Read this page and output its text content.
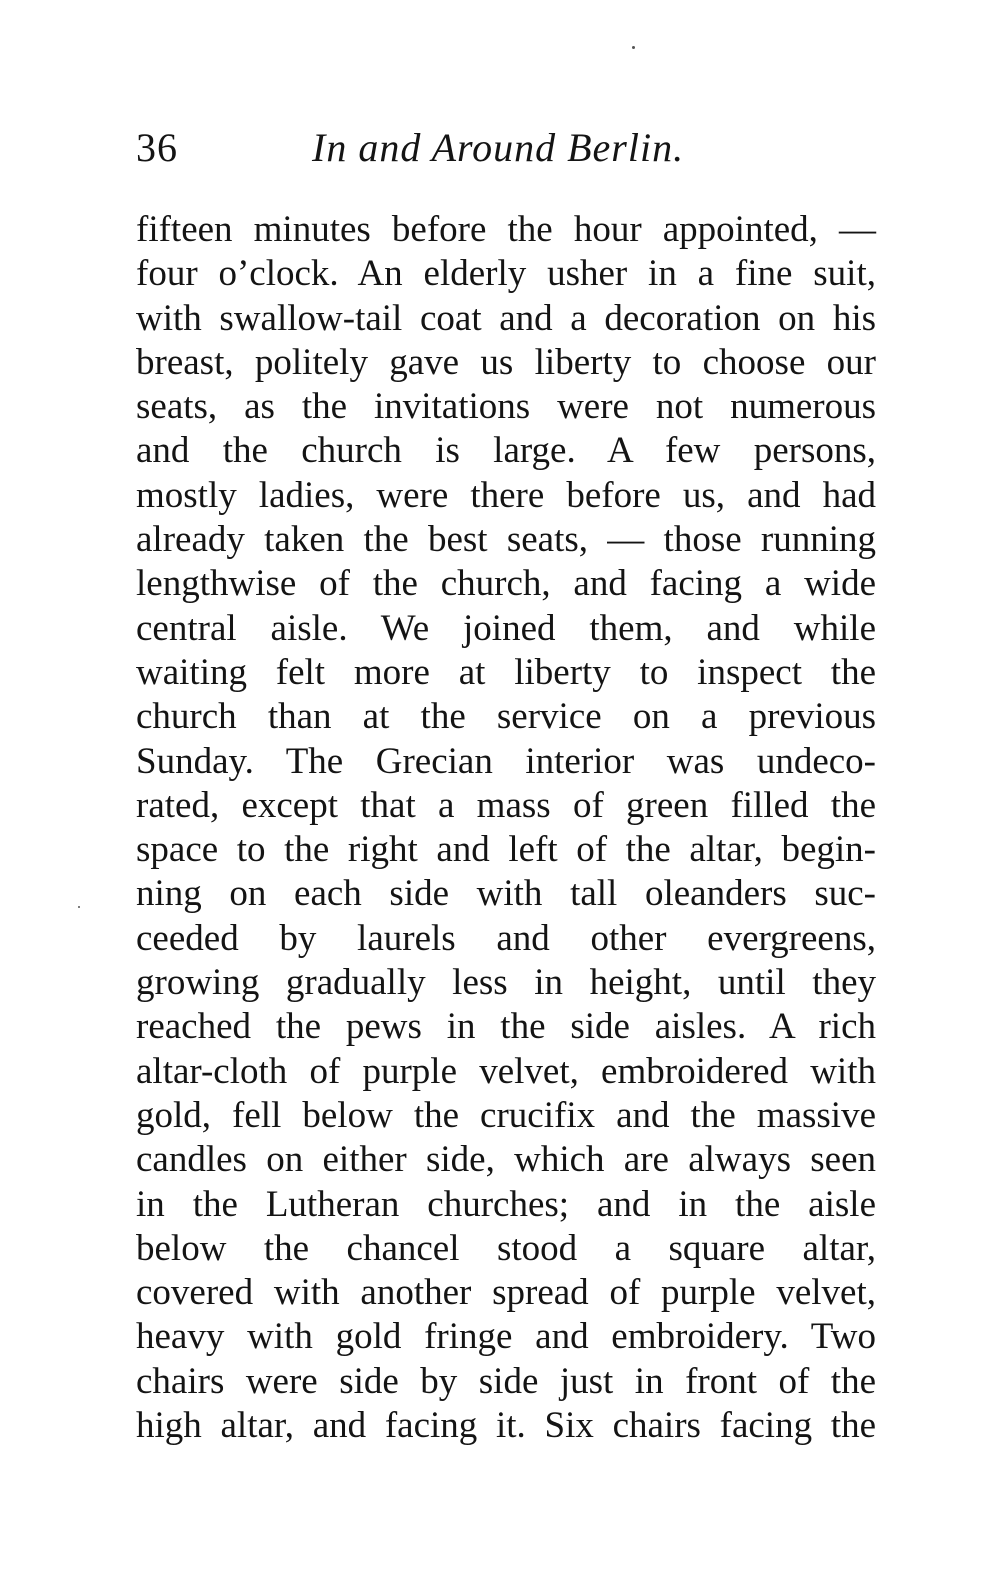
36	In and Around Berlin.
fifteen minutes before the hour appointed, —
four o’clock. An elderly usher in a fine suit,
with swallow-tail coat and a decoration on his
breast, politely gave us liberty to choose our
seats, as the invitations were not numerous
and the church is large. A few persons,
mostly ladies, were there before us, and had
already taken the best seats, — those running
lengthwise of the church, and facing a wide
central aisle. We joined them, and while
waiting felt more at liberty to inspect the
church than at the service on a previous
Sunday. The Grecian interior was undeco-
rated, except that a mass of green filled the
space to the right and left of the altar, begin-
ning on each side with tall oleanders suc-
ceeded by laurels and other evergreens,
growing gradually less in height, until they
reached the pews in the side aisles. A rich
altar-cloth of purple velvet, embroidered with
gold, fell below the crucifix and the massive
candles on either side, which are always seen
in the Lutheran churches; and in the aisle
below the chancel stood a square altar,
covered with another spread of purple velvet,
heavy with gold fringe and embroidery. Two
chairs were side by side just in front of the
high altar, and facing it. Six chairs facing the
